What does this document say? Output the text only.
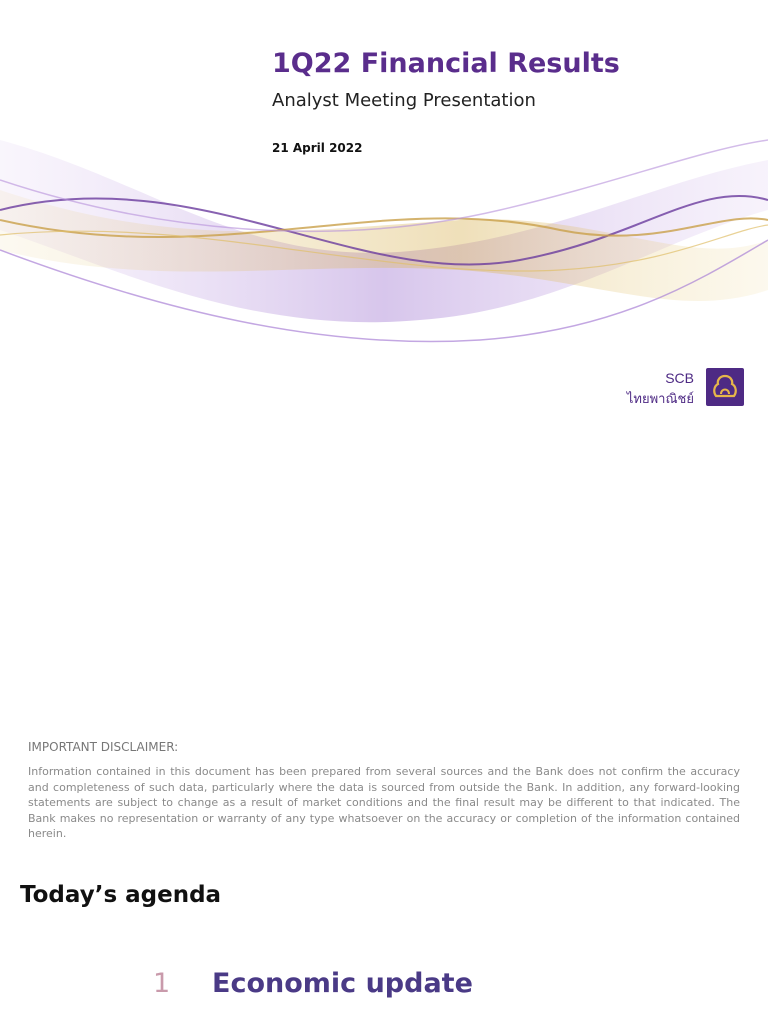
1Q22 Financial Results
Analyst Meeting Presentation
21 April 2022
SCB
ไทยพาณิชย์
IMPORTANT DISCLAIMER:

Information contained in this document has been prepared from several sources and the Bank does not confirm the accuracy and completeness of such data, particularly where the data is sourced from outside the Bank. In addition, any forward-looking statements are subject to change as a result of market conditions and the final result may be different to that indicated. The Bank makes no representation or warranty of any type whatsoever on the accuracy or completion of the information contained herein.

Today’s agenda
1 Economic update
